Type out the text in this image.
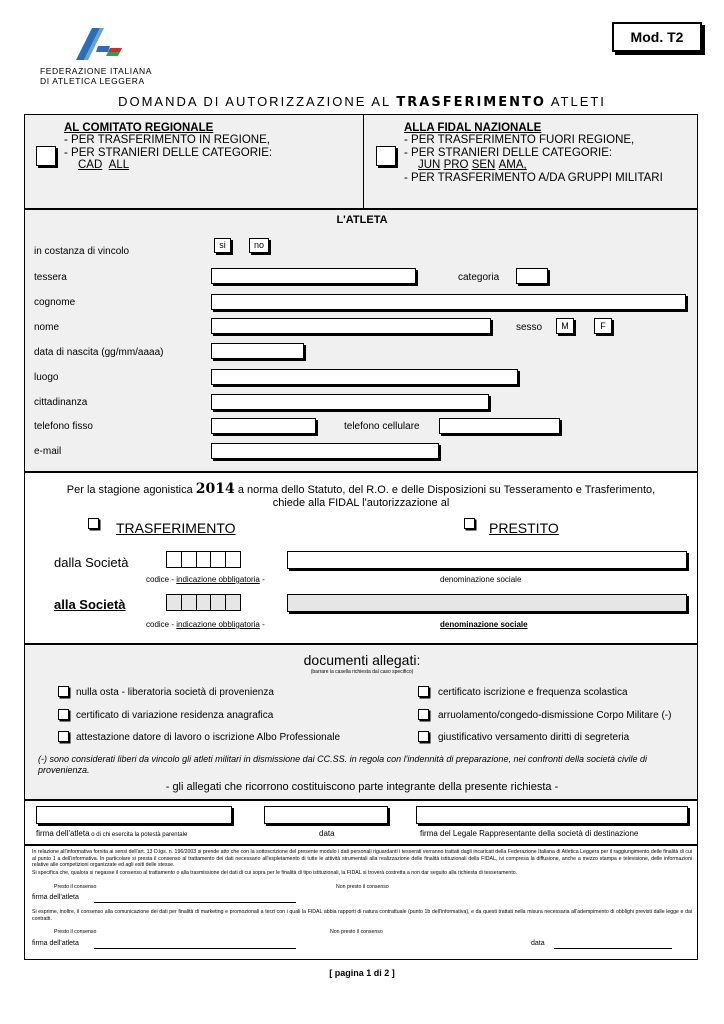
Mod. T2
FEDERAZIONE ITALIANA
DI ATLETICA LEGGERA
DOMANDA DI AUTORIZZAZIONE AL TRASFERIMENTO ATLETI
AL COMITATO REGIONALE
- PER TRASFERIMENTO IN REGIONE,
- PER STRANIERI DELLE CATEGORIE:
CAD ALL
ALLA FIDAL NAZIONALE
- PER TRASFERIMENTO FUORI REGIONE,
- PER STRANIERI DELLE CATEGORIE:
JUN PRO SEN AMA,
- PER TRASFERIMENTO A/DA GRUPPI MILITARI
L'ATLETA
in costanza di vincolo
si	no
tessera	categoria
cognome
nome	sesso	M	F
data di nascita (gg/mm/aaaa)
luogo
cittadinanza
telefono fisso	telefono cellulare
e-mail
Per la stagione agonistica 2014 a norma dello Statuto, del R.O. e delle Disposizioni su Tesseramento e Trasferimento,
chiede alla FIDAL l'autorizzazione al
TRASFERIMENTO	PRESTITO
dalla Società
codice - indicazione obbligatoria -	denominazione sociale
alla Società
codice - indicazione obbligatoria -	denominazione sociale
documenti allegati:
(barrare la casella richiesta dal caso specifico)
nulla osta - liberatoria società di provenienza
certificato di variazione residenza anagrafica
attestazione datore di lavoro o iscrizione Albo Professionale
certificato iscrizione e frequenza scolastica
arruolamento/congedo-dismissione Corpo Militare (-)
giustificativo versamento diritti di segreteria
(-) sono considerati liberi da vincolo gli atleti militari in dismissione dai CC.SS. in regola con l'indennità di preparazione, nei confronti della società civile di provenienza.
- gli allegati che ricorrono costituiscono parte integrante della presente richiesta -
firma dell'atleta o di chi esercita la potestà parentale	data	firma del Legale Rappresentante della società di destinazione
In relazione all'informativa fornita ai sensi dell'art. 13 D.lgs. n. 196/2003 si prende atto che con la sottoscrizione del presente modulo i dati personali riguardanti i tesserati verranno trattati dagli incaricati della Federazione Italiana di Atletica Leggera per il raggiungimento delle finalità di cui al punto 1 a dell'informativa. In particolare si presta il consenso al trattamento dei dati necessario all'espletamento di tutte le attività strumentali alla realizzazione delle finalità istituzionali della FIDAL, ivi compresa la diffusione, anche a mezzo stampa e televisione, delle informazioni relative alle competizioni organizzate ed agli esiti delle stesse.
Si specifica che, qualora si negasse il consenso al trattamento o alla trasmissione dei dati di cui sopra per le finalità di tipo istituzionali, la FIDAL si troverà costretta a non dar seguito alla richiesta di tesseramento.
Presto il consenso	Non presto il consenso
firma dell'atleta
Si esprime, inoltre, il consenso alla comunicazione dei dati per finalità di marketing e promozionali a terzi con i quali la FIDAL abbia rapporti di natura contrattuale (punto 1b dell'informativa), e da questi trattati nella misura necessaria all'adempimento di obblighi previsti dalle legge e dai contratti.
Presto il consenso	Non presto il consenso
firma dell'atleta	data
[ pagina 1 di 2 ]
